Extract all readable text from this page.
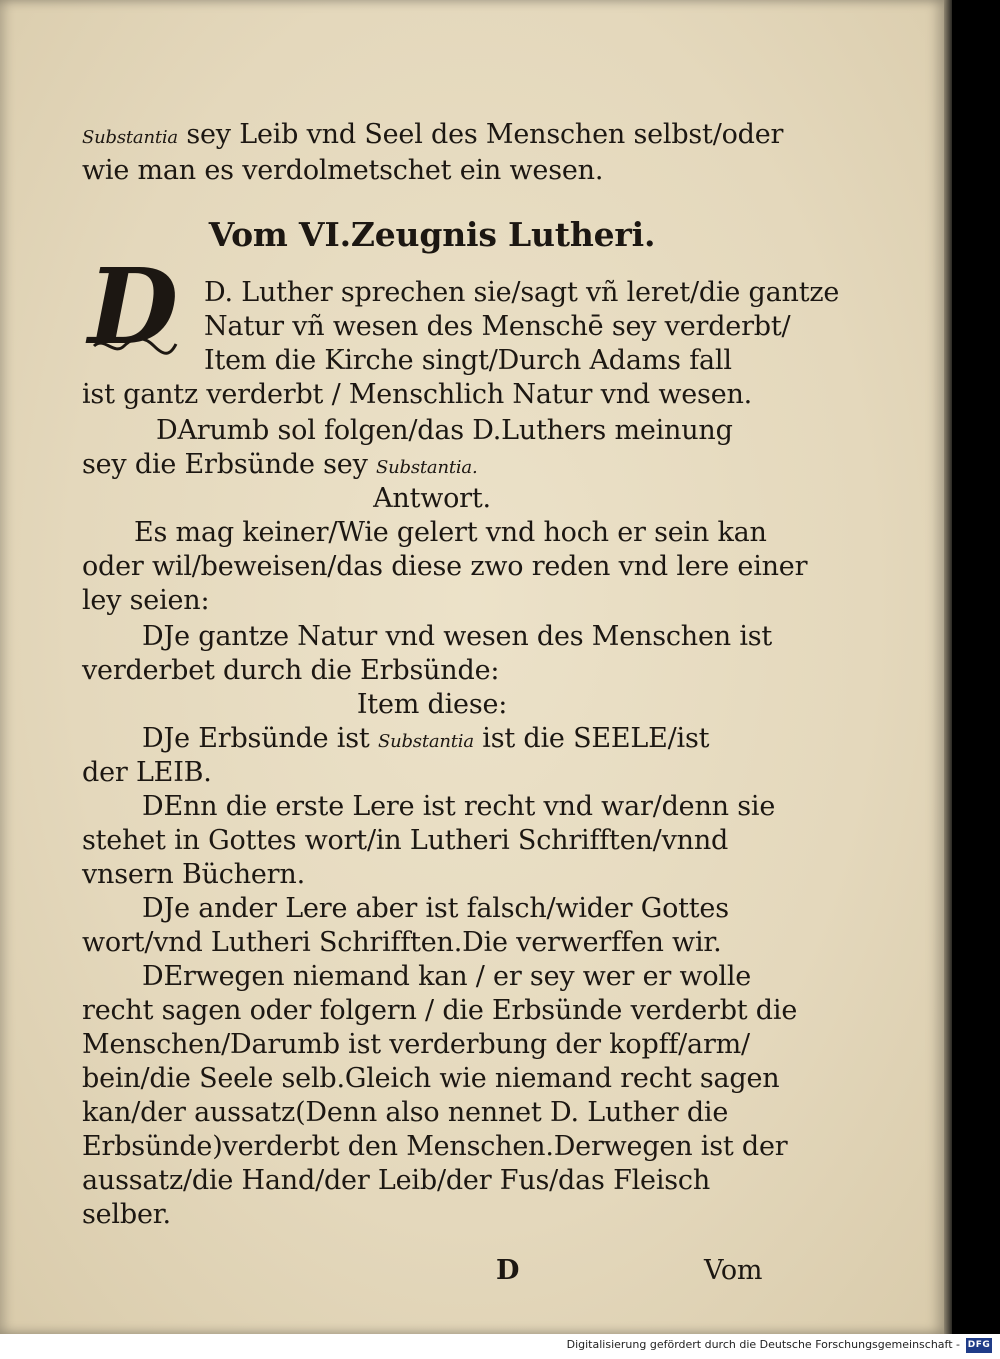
D
Substantia sey Leib vnd Seel des Menschen selbst/oder
wie man es verdolmetschet ein wesen.
Vom VI.Zeugnis Lutheri.
D. Luther sprechen sie/sagt vñ leret/die gantze
Natur vñ wesen des Menschē sey verderbt/
Item die Kirche singt/Durch Adams fall
ist gantz verderbt / Menschlich Natur vnd wesen.
DArumb sol folgen/das D.Luthers meinung
sey die Erbsünde sey Substantia.
Antwort.
Es mag keiner/Wie gelert vnd hoch er sein kan
oder wil/beweisen/das diese zwo reden vnd lere einer
ley seien:
DJe gantze Natur vnd wesen des Menschen ist
verderbet durch die Erbsünde:
Item diese:
DJe Erbsünde ist Substantia ist die SEELE/ist
der LEIB.
DEnn die erste Lere ist recht vnd war/denn sie
stehet in Gottes wort/in Lutheri Schrifften/vnnd
vnsern Büchern.
DJe ander Lere aber ist falsch/wider Gottes
wort/vnd Lutheri Schrifften.Die verwerffen wir.
DErwegen niemand kan / er sey wer er wolle
recht sagen oder folgern / die Erbsünde verderbt die
Menschen/Darumb ist verderbung der kopff/arm/
bein/die Seele selb.Gleich wie niemand recht sagen
kan/der aussatz(Denn also nennet D. Luther die
Erbsünde)verderbt den Menschen.Derwegen ist der
aussatz/die Hand/der Leib/der Fus/das Fleisch
selber.
D	Vom
Digitalisierung gefördert durch die Deutsche Forschungsgemeinschaft - DFG
